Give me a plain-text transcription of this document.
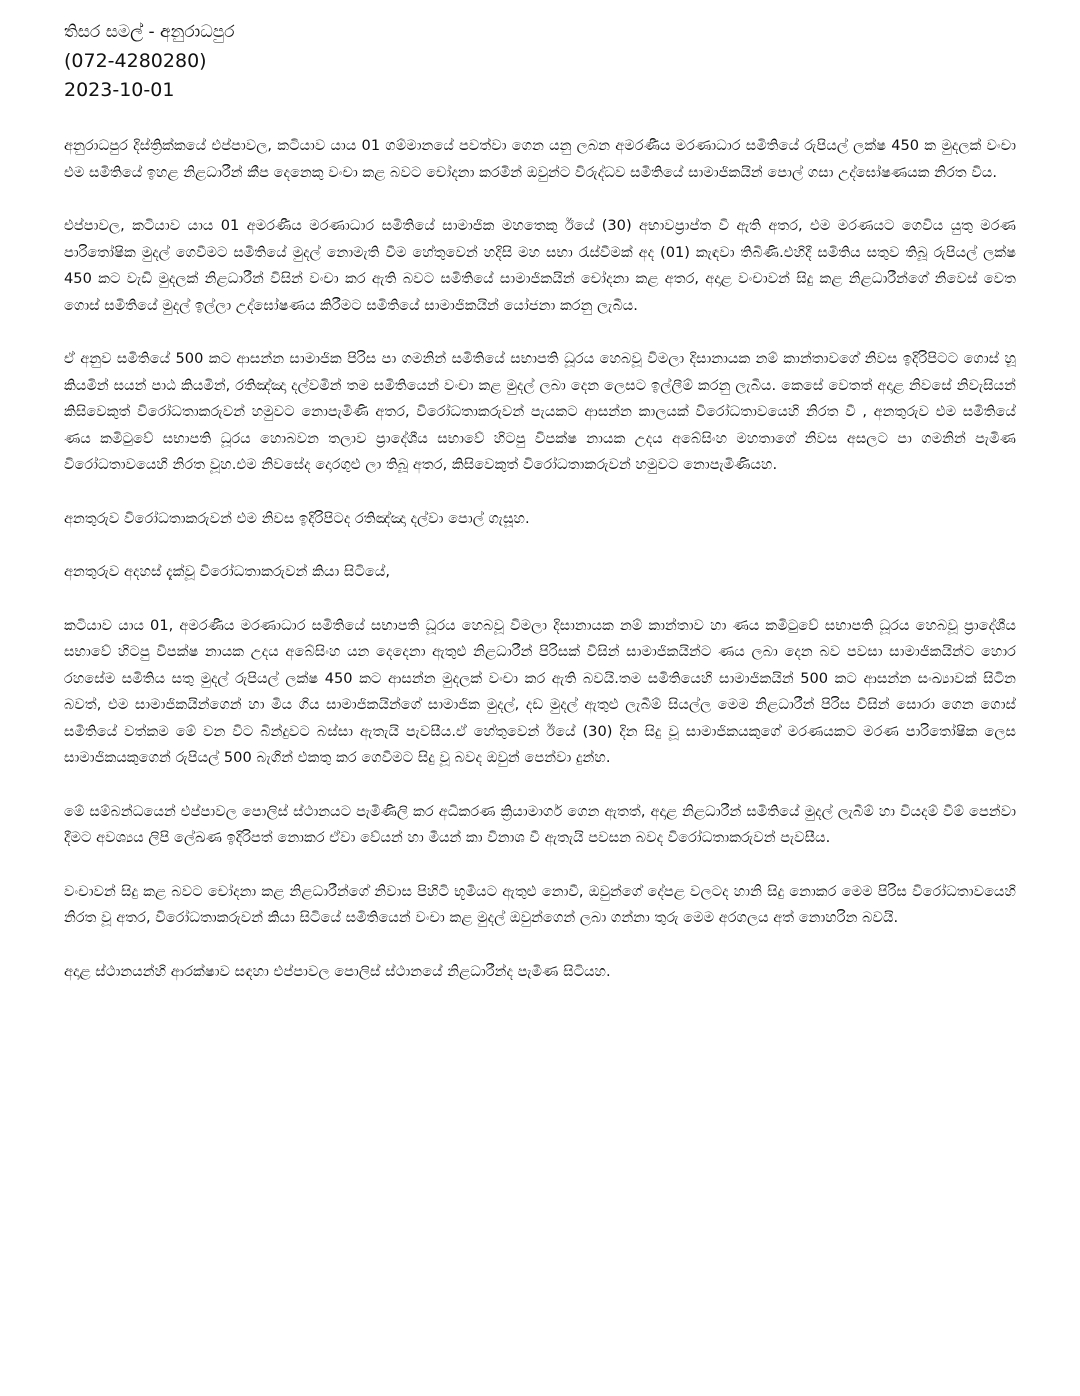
තිසර සමල් - අනුරාධපුර

(072-4280280)

2023-10-01

අනුරාධපුර දිස්ත්‍රික්කයේ එප්පාවල, කටියාව යාය 01 ගම්මානයේ පවත්වා ගෙන යනු ලබන අමරණීය මරණාධාර සමිතියේ රුපියල් ලක්ෂ 450 ක මුදලක් වංචා එම සමිතියේ ඉහළ නිළධාරීන් කීප දෙනෙකු වංචා කළ බවට චෝදනා කරමින් ඔවුන්ට විරුද්ධව සමිතියේ සාමාජිකයින් පොල් ගසා උද්ඝෝෂණයක නිරත විය.

එප්පාවල, කටියාව යාය 01 අමරණීය මරණාධාර සමිතියේ සාමාජික මහතෙකු ඊයේ (30) අභාවප්‍රාප්ත වී ඇති අතර, එම මරණයට ගෙවිය යුතු මරණ පාරිතෝෂික මුදල් ගෙවීමට සමිතියේ මුදල් නොමැති වීම හේතුවෙන් හදිසි මහ සභා රැස්වීමක් අද (01) කැඳවා තිබිණි.එහිදී සමිතිය සතුව තිබූ රුපියල් ලක්ෂ 450 කට වැඩි මුදලක් නිළධාරීන් විසින් වංචා කර ඇති බවට සමිතියේ සාමාජිකයින් චෝදනා කළ අතර, අදාළ වංචාවන් සිදු කළ නිළධාරීන්ගේ නිවෙස් වෙත ගොස් සමිතියේ මුදල් ඉල්ලා උද්ඝෝෂණය කිරීමට සමිතියේ සාමාජිකයින් යෝජනා කරනු ලැබීය.

ඒ අනුව සමිතියේ 500 කට ආසන්න සාමාජික පිරිස පා ගමනින් සමිතියේ සභාපති ධූරය හෙබවූ විමලා දිසානායක නම් කාන්තාවගේ නිවස ඉදිරිපිටට ගොස් හූ කියමින් සයන් පාඨ කියමින්, රතිඤ්ඤා දල්වමින් තම සමිතියෙන් වංචා කළ මුදල් ලබා දෙන ලෙසට ඉල්ලීම් කරනු ලැබීය. කෙසේ වෙතත් අදාළ නිවසේ නිවැසියන් කිසිවෙකුත් විරෝධතාකරුවන් හමුවට නොපැමිණි අතර, විරෝධතාකරුවන් පැයකට ආසන්න කාලයක් විරෝධතාවයෙහි නිරත වී , අනතුරුව එම සමිතියේ ණය කමිටුවේ සභාපති ධූරය හොබවන තලාව ප්‍රාදේශීය සභාවේ හිටපු විපක්ෂ නායක උදය අබේසිංහ මහතාගේ නිවස අසලට පා ගමනින් පැමිණ විරෝධතාවයෙහි නිරත වූහ.එම නිවසේද දොරගුළු ලා තිබූ අතර, කිසිවෙකුත් විරෝධතාකරුවන් හමුවට නොපැමිණියහ.

අනතුරුව විරෝධතාකරුවන් එම නිවස ඉදිරිපිටද රතිඤ්ඤා දල්වා පොල් ගැසූහ.

අනතුරුව අදහස් දැක්වූ විරෝධතාකරුවන් කියා සිටියේ,

කටියාව යාය 01, අමරණීය මරණාධාර සමිතියේ සභාපති ධූරය හෙබවූ විමලා දිසානායක නම් කාන්තාව හා ණය කමිටුවේ සභාපති ධූරය හෙබවූ ප්‍රාදේශීය සභාවේ හිටපු විපක්ෂ නායක උදය අබේසිංහ යන දෙදෙනා ඇතුළු නිළධාරීන් පිරිසක් විසින් සාමාජිකයින්ට ණය ලබා දෙන බව පවසා සාමාජිකයින්ට හොර රහසේම සමිතිය සතු මුදල් රුපියල් ලක්ෂ 450 කට ආසන්න මුදලක් වංචා කර ඇති බවයි.තම සමිතියෙහි සාමාජිකයින් 500 කට ආසන්න සංඛ්‍යාවක් සිටින බවත්, එම සාමාජිකයින්ගෙන් හා මිය ගිය සාමාජිකයින්ගේ සාමාජික මුදල්, දඩ මුදල් ඇතුළු ලැබීම් සියල්ල මෙම නිළධාරීන් පිරිස විසින් සොරා ගෙන ගොස් සමිතියේ වත්කම මේ වන විට බින්දුවට බස්සා ඇතැයි පැවසීය.ඒ හේතුවෙන් ඊයේ (30) දින සිදු වූ සාමාජිකයකුගේ මරණයකට මරණ පාරිතෝෂික ලෙස සාමාජිකයකුගෙන් රුපියල් 500 බැගින් එකතු කර ගෙවීමට සිදු වූ බවද ඔවුන් පෙන්වා දුන්හ.

මේ සම්බන්ධයෙන් එප්පාවල පොලිස් ස්ථානයට පැමිණිලි කර අධිකරණ ක්‍රියාමාර්ග ගෙන ඇතත්, අදාළ නිළධාරීන් සමිතියේ මුදල් ලැබීම් හා වියදම් වීම් පෙන්වා දීමට අවශ්‍යය ලිපි ලේඛණ ඉදිරිපත් නොකර ඒවා වේයන් හා මීයන් කා විනාශ වී ඇතැයි පවසන බවද විරෝධතාකරුවන් පැවසීය.

වංචාවන් සිදු කළ බවට චෝදනා කළ නිළධාරීන්ගේ නිවාස පිහිටි භූමියට ඇතුළු නොවී, ඔවුන්ගේ දේපළ වලටද හානි සිදු නොකර මෙම පිරිස විරෝධතාවයෙහි නිරත වූ අතර, විරෝධතාකරුවන් කියා සිටියේ සමිතියෙන් වංචා කළ මුදල් ඔවුන්ගෙන් ලබා ගන්නා තුරු මෙම අරගලය අත් නොහරින බවයි.

අදාළ ස්ථානයන්හි ආරක්ෂාව සඳහා එප්පාවල පොලිස් ස්ථානයේ නිළධාරීන්ද පැමිණ සිටියහ.
